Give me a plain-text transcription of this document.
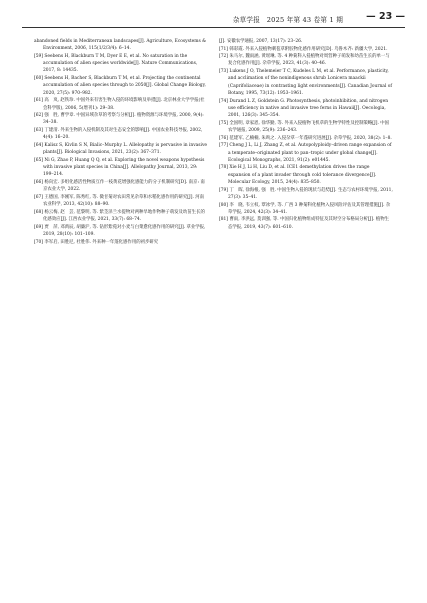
杂草学报　2025 年第 43 卷第 1 期 — 23 —

abandoned fields in Mediterranean landscapes[J]. Agriculture, Ecosystems & Environment, 2006, 115(1/2/3/4): 6–14.

[59] Seebens H, Blackburn T M, Dyer E E, et al. No saturation in the accumulation of alien species worldwide[J]. Nature Communications, 2017, 8: 14435.

[60] Seebens H, Bacher S, Blackburn T M, et al. Projecting the continental accumulation of alien species through to 2050[J]. Global Change Biology, 2020, 27(5): 970–982.

[61] 高　岚, 赵铁珍. 中国外来有害生物入侵的环境影响及举措[J]. 北京林业大学学报(社会科学版), 2006, 5(增刊1): 29–38.

[62] 强　胜, 曹学章. 中国异域杂草的考察与分析[J]. 植物资源与环境学报, 2000, 9(4): 34–38.

[63] 丁建清. 外来生物的入侵机制及其对生态安全的影响[J]. 中国农业科技导报, 2002, 4(4): 16–20.

[64] Kalisz S, Kivlin S N, Bialic–Murphy L. Allelopathy is pervasive in invasive plants[J]. Biological Invasions, 2021, 23(2): 367–371.

[65] Ni G, Zhao P, Huang Q Q, et al. Exploring the novel weapons hypothesis with invasive plant species in China[J]. Allelopathy Journal, 2013, 29: 199–214.

[66] 杨向宏. 多组化感活性物质互作一枝黄花增强化感能力的分子机制研究[D]. 南京: 南京农业大学, 2022.

[67] 王德国, 李刚军, 陈秀红, 等. 微甘菊对农田常见杂草和水稻化感作用的研究[J]. 河南农业科学, 2013, 42(10): 88–90.

[68] 杨云梅, 赵　芸, 范黎明, 等. 紫茎泽兰水提物对两种旱地作物种子萌发及幼苗生长的化感效应[J]. 江西农业学报, 2021, 33(7): 68–74.

[69] 贾　萍, 邓禹辰, 胡廉沪, 等. 钻形紫菀对小麦与白菜愈化感作用的研究[J]. 草业学报, 2019, 28(10): 101–109.

[70] 李军启, 田胜尼, 杜胜伟. 外来种一年蓬化感作用的初步研究

[J]. 安徽农学通报, 2007, 13(17): 23–26.

[71] 韩彩霞. 外来入侵植物刺苞草附胶物化感作用研究[D]. 乌鲁木齐: 新疆大学, 2021.

[72] 朱马尔, 魏雨涵, 黄瑶琳, 等. 4 种菊科入侵植物对周营种子萌发和幼苗生长的单一与复合化感作用[J]. 杂草学报, 2023, 41(3): 40–46.

[73] Lukens J O, Thelemeier T C, Kudeles L M, et al. Performance, plasticity, and acclimation of the nonindigenous shrub Lonicera maackii (Caprifoliaceae) in contrasting light environments[J]. Canadian Journal of Botany, 1995, 73(12): 1953–1961.

[74] Durand L Z, Goldstein G. Photosynthesis, photoinhibition, and nitrogen use efficiency in native and invasive tree ferns in Hawaii[J]. Oecologia, 2001, 126(3): 345–354.

[75] 全国明, 章家恩, 徐华勤, 等. 外来入侵植物飞机草的生物学特性及控制策略[J]. 中国农学通报, 2009, 25(9): 236–243.

[76] 范建军, 乙楠楠, 朱珣之. 入侵杂草一年蓬研究进展[J]. 杂草学报, 2020, 38(2): 1–8.

[77] Cheng J L, Li J, Zhang Z, et al. Autopolyploidy–driven range expansion of a temperate–originated plant to pan–tropic under global change[J]. Ecological Monographs, 2021, 91(2): e01445.

[78] Xie H J, Li H, Liu D, et al. ICE1 demethylation drives the range expansion of a plant invader through cold tolerance divergence[J]. Molecular Ecology, 2015, 24(4): 835–850.

[79] 丁　晖, 徐海根, 强　胜. 中国生物入侵的现状与趋势[J]. 生态与农村环境学报, 2011, 27(3): 35–41.

[80] 李　晓, 韦立权, 覃冰学, 等. 广西 3 种菊科化植物入侵风险评估及其管理措施[J]. 杂草学报, 2024, 42(3): 34–41.

[81] 曹雨, 李洪远, 莫训强, 等. 中国归化植物组成特征及其时空分布格局分析[J]. 植物生态学报, 2019, 43(7): 601–610.
